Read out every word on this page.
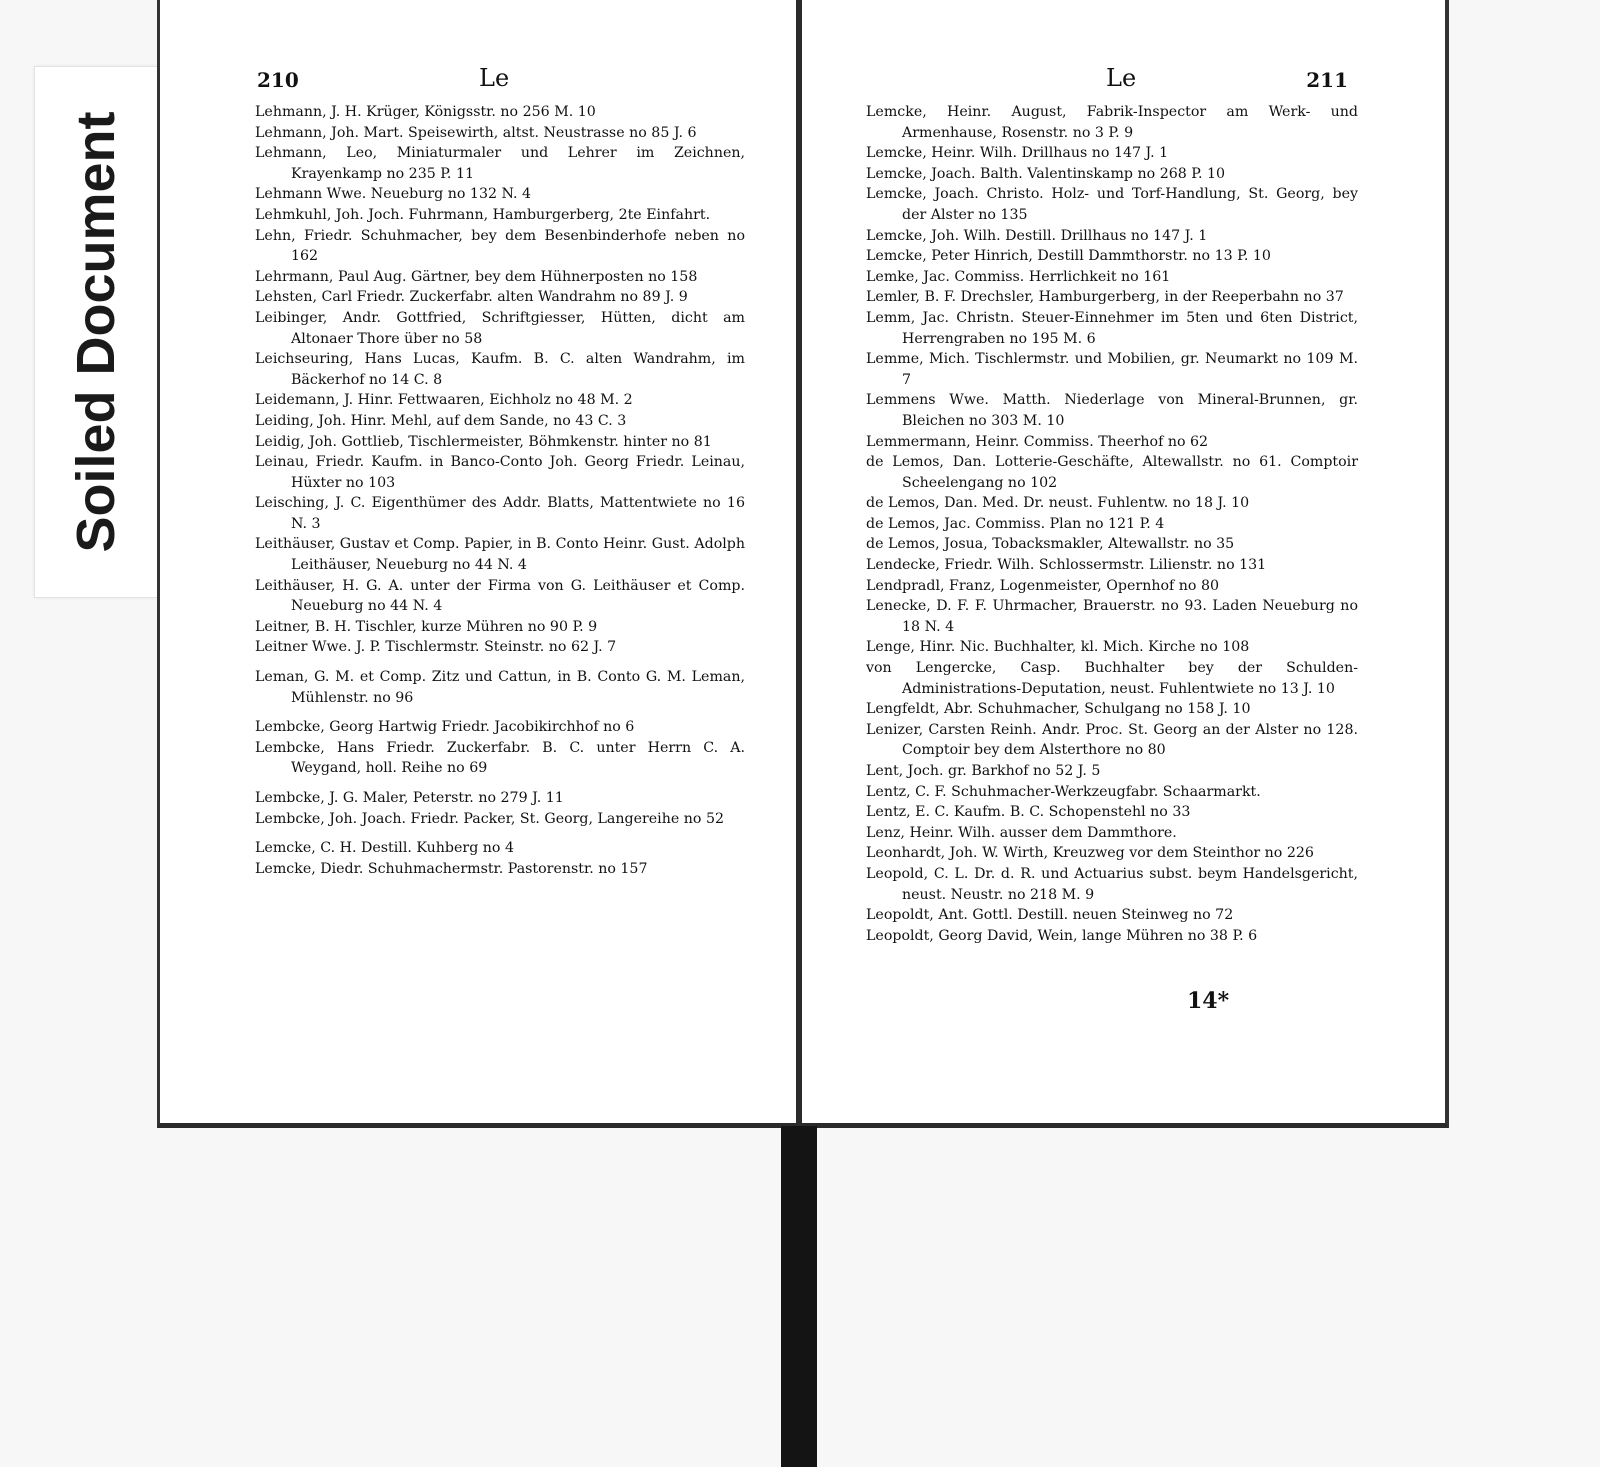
Soiled Document
210	Le
Lehmann, J. H. Krüger, Königsstr. no 256 M. 10
Lehmann, Joh. Mart. Speisewirth, altst. Neustrasse no 85 J. 6
Lehmann, Leo, Miniaturmaler und Lehrer im Zeichnen, Krayenkamp no 235 P. 11
Lehmann Wwe. Neueburg no 132 N. 4
Lehmkuhl, Joh. Joch. Fuhrmann, Hamburgerberg, 2te Einfahrt.
Lehn, Friedr. Schuhmacher, bey dem Besenbinderhofe neben no 162
Lehrmann, Paul Aug. Gärtner, bey dem Hühnerposten no 158
Lehsten, Carl Friedr. Zuckerfabr. alten Wandrahm no 89 J. 9
Leibinger, Andr. Gottfried, Schriftgiesser, Hütten, dicht am Altonaer Thore über no 58
Leichseuring, Hans Lucas, Kaufm. B. C. alten Wandrahm, im Bäckerhof no 14 C. 8
Leidemann, J. Hinr. Fettwaaren, Eichholz no 48 M. 2
Leiding, Joh. Hinr. Mehl, auf dem Sande, no 43 C. 3
Leidig, Joh. Gottlieb, Tischlermeister, Böhmkenstr. hinter no 81
Leinau, Friedr. Kaufm. in Banco-Conto Joh. Georg Friedr. Leinau, Hüxter no 103
Leisching, J. C. Eigenthümer des Addr. Blatts, Mattentwiete no 16 N. 3
Leithäuser, Gustav et Comp. Papier, in B. Conto Heinr. Gust. Adolph Leithäuser, Neueburg no 44 N. 4
Leithäuser, H. G. A. unter der Firma von G. Leithäuser et Comp. Neueburg no 44 N. 4
Leitner, B. H. Tischler, kurze Mühren no 90 P. 9
Leitner Wwe. J. P. Tischlermstr. Steinstr. no 62 J. 7
Leman, G. M. et Comp. Zitz und Cattun, in B. Conto G. M. Leman, Mühlenstr. no 96
Lembcke, Georg Hartwig Friedr. Jacobikirchhof no 6
Lembcke, Hans Friedr. Zuckerfabr. B. C. unter Herrn C. A. Weygand, holl. Reihe no 69
Lembcke, J. G. Maler, Peterstr. no 279 J. 11
Lembcke, Joh. Joach. Friedr. Packer, St. Georg, Langereihe no 52
Lemcke, C. H. Destill. Kuhberg no 4
Lemcke, Diedr. Schuhmachermstr. Pastorenstr. no 157
Le	211
Lemcke, Heinr. August, Fabrik-Inspector am Werk- und Armenhause, Rosenstr. no 3 P. 9
Lemcke, Heinr. Wilh. Drillhaus no 147 J. 1
Lemcke, Joach. Balth. Valentinskamp no 268 P. 10
Lemcke, Joach. Christo. Holz- und Torf-Handlung, St. Georg, bey der Alster no 135
Lemcke, Joh. Wilh. Destill. Drillhaus no 147 J. 1
Lemcke, Peter Hinrich, Destill Dammthorstr. no 13 P. 10
Lemke, Jac. Commiss. Herrlichkeit no 161
Lemler, B. F. Drechsler, Hamburgerberg, in der Reeperbahn no 37
Lemm, Jac. Christn. Steuer-Einnehmer im 5ten und 6ten District, Herrengraben no 195 M. 6
Lemme, Mich. Tischlermstr. und Mobilien, gr. Neumarkt no 109 M. 7
Lemmens Wwe. Matth. Niederlage von Mineral-Brunnen, gr. Bleichen no 303 M. 10
Lemmermann, Heinr. Commiss. Theerhof no 62
de Lemos, Dan. Lotterie-Geschäfte, Altewallstr. no 61. Comptoir Scheelengang no 102
de Lemos, Dan. Med. Dr. neust. Fuhlentw. no 18 J. 10
de Lemos, Jac. Commiss. Plan no 121 P. 4
de Lemos, Josua, Tobacksmakler, Altewallstr. no 35
Lendecke, Friedr. Wilh. Schlossermstr. Lilienstr. no 131
Lendpradl, Franz, Logenmeister, Opernhof no 80
Lenecke, D. F. F. Uhrmacher, Brauerstr. no 93. Laden Neueburg no 18 N. 4
Lenge, Hinr. Nic. Buchhalter, kl. Mich. Kirche no 108
von Lengercke, Casp. Buchhalter bey der Schulden-Administrations-Deputation, neust. Fuhlentwiete no 13 J. 10
Lengfeldt, Abr. Schuhmacher, Schulgang no 158 J. 10
Lenizer, Carsten Reinh. Andr. Proc. St. Georg an der Alster no 128. Comptoir bey dem Alsterthore no 80
Lent, Joch. gr. Barkhof no 52 J. 5
Lentz, C. F. Schuhmacher-Werkzeugfabr. Schaarmarkt.
Lentz, E. C. Kaufm. B. C. Schopenstehl no 33
Lenz, Heinr. Wilh. ausser dem Dammthore.
Leonhardt, Joh. W. Wirth, Kreuzweg vor dem Steinthor no 226
Leopold, C. L. Dr. d. R. und Actuarius subst. beym Handelsgericht, neust. Neustr. no 218 M. 9
Leopoldt, Ant. Gottl. Destill. neuen Steinweg no 72
Leopoldt, Georg David, Wein, lange Mühren no 38 P. 6
14*
